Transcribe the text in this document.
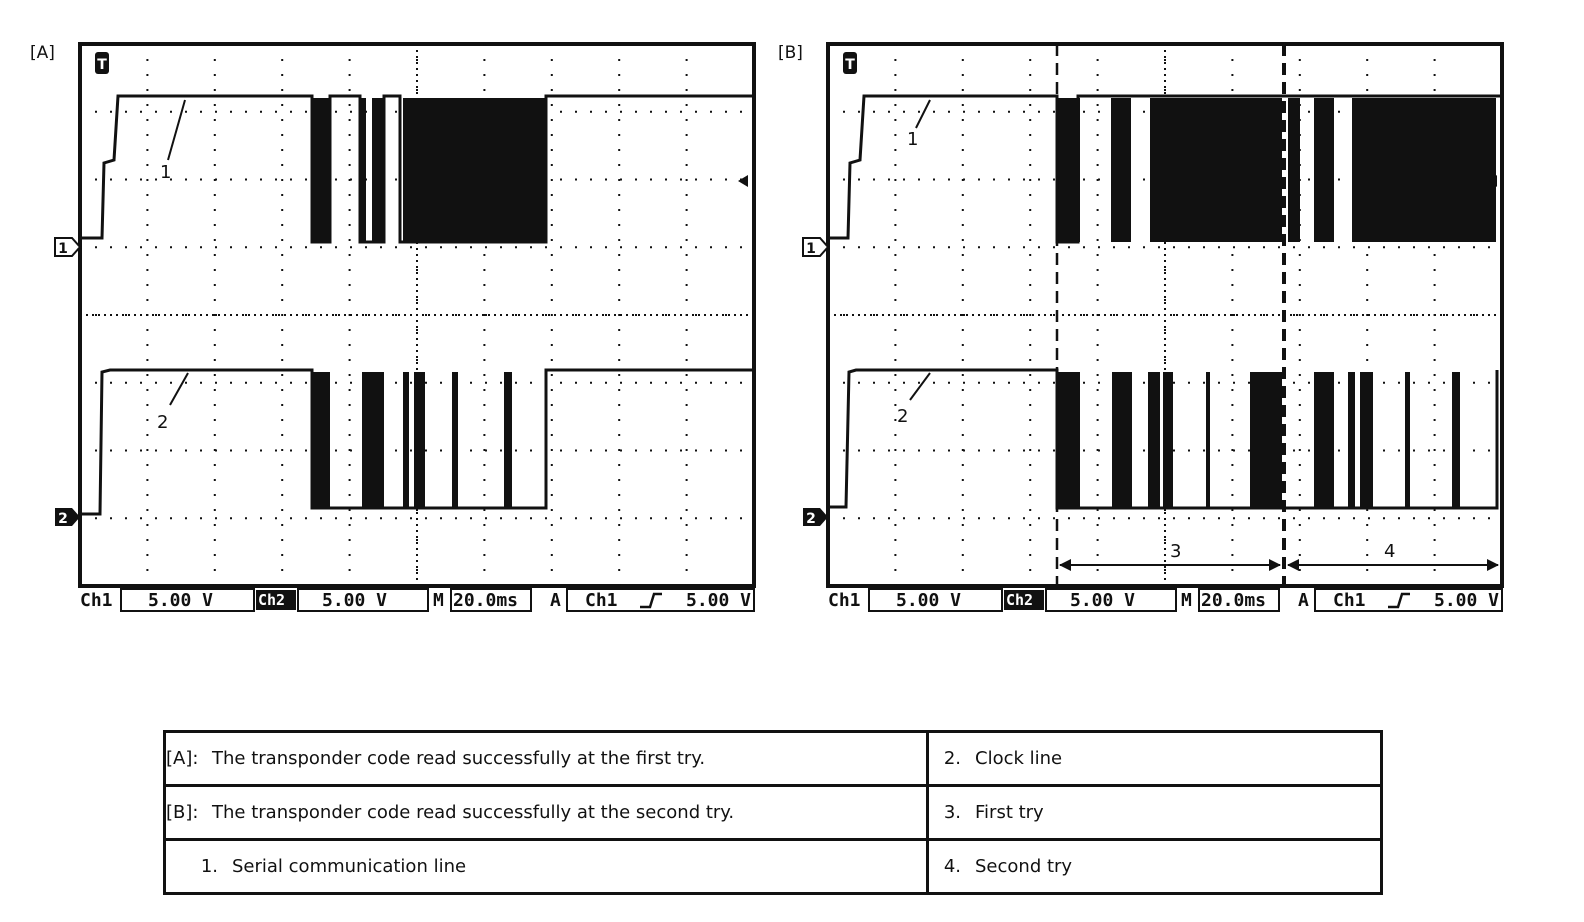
[A]
T
1
2
1
2
Ch1 5.00 V	Ch2 5.00 V	M 20.0ms A Ch1	5.00 V
[B]
T
1
2
1
2
3	4
Ch1 5.00 V	Ch2 5.00 V	M 20.0ms A Ch1	5.00 V
[A]: The transponder code read successfully at the first try.	2. Clock line

[B]: The transponder code read successfully at the second try.	3. First try

1. Serial communication line	4. Second try
